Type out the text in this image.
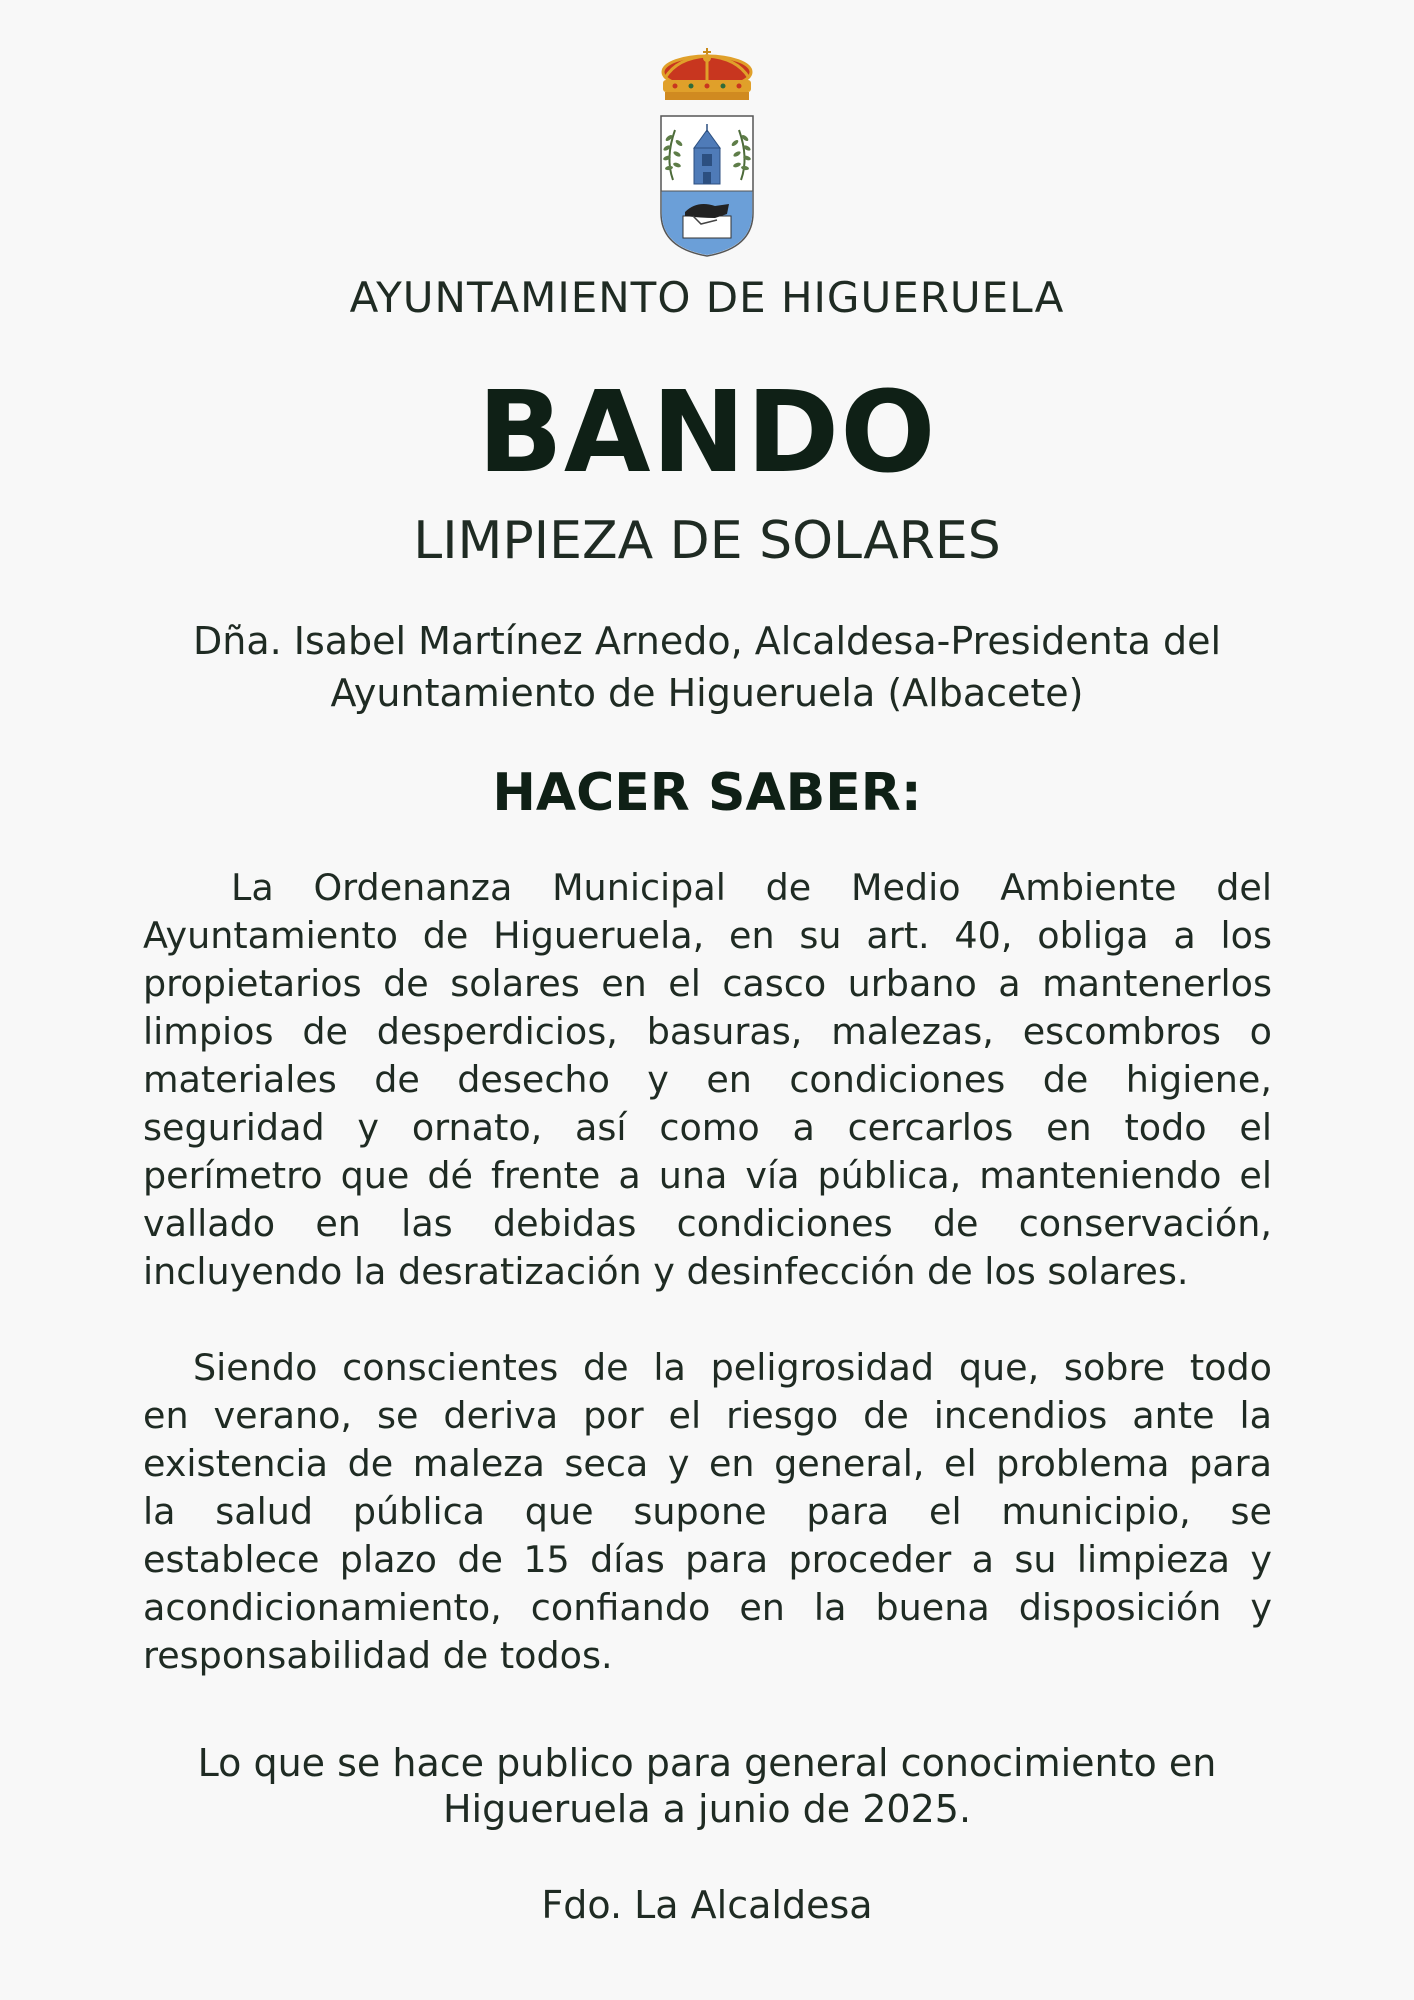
AYUNTAMIENTO DE HIGUERUELA
BANDO
LIMPIEZA DE SOLARES
Dña. Isabel Martínez Arnedo, Alcaldesa-Presidenta del
Ayuntamiento de Higueruela (Albacete)
HACER SABER:
La Ordenanza Municipal de Medio Ambiente del
Ayuntamiento de Higueruela, en su art. 40, obliga a los
propietarios de solares en el casco urbano a mantenerlos
limpios de desperdicios, basuras, malezas, escombros o
materiales de desecho y en condiciones de higiene,
seguridad y ornato, así como a cercarlos en todo el
perímetro que dé frente a una vía pública, manteniendo el
vallado en las debidas condiciones de conservación,
incluyendo la desratización y desinfección de los solares.
Siendo conscientes de la peligrosidad que, sobre todo
en verano, se deriva por el riesgo de incendios ante la
existencia de maleza seca y en general, el problema para
la salud pública que supone para el municipio, se
establece plazo de 15 días para proceder a su limpieza y
acondicionamiento, confiando en la buena disposición y
responsabilidad de todos.
Lo que se hace publico para general conocimiento en
Higueruela a junio de 2025.
Fdo. La Alcaldesa
